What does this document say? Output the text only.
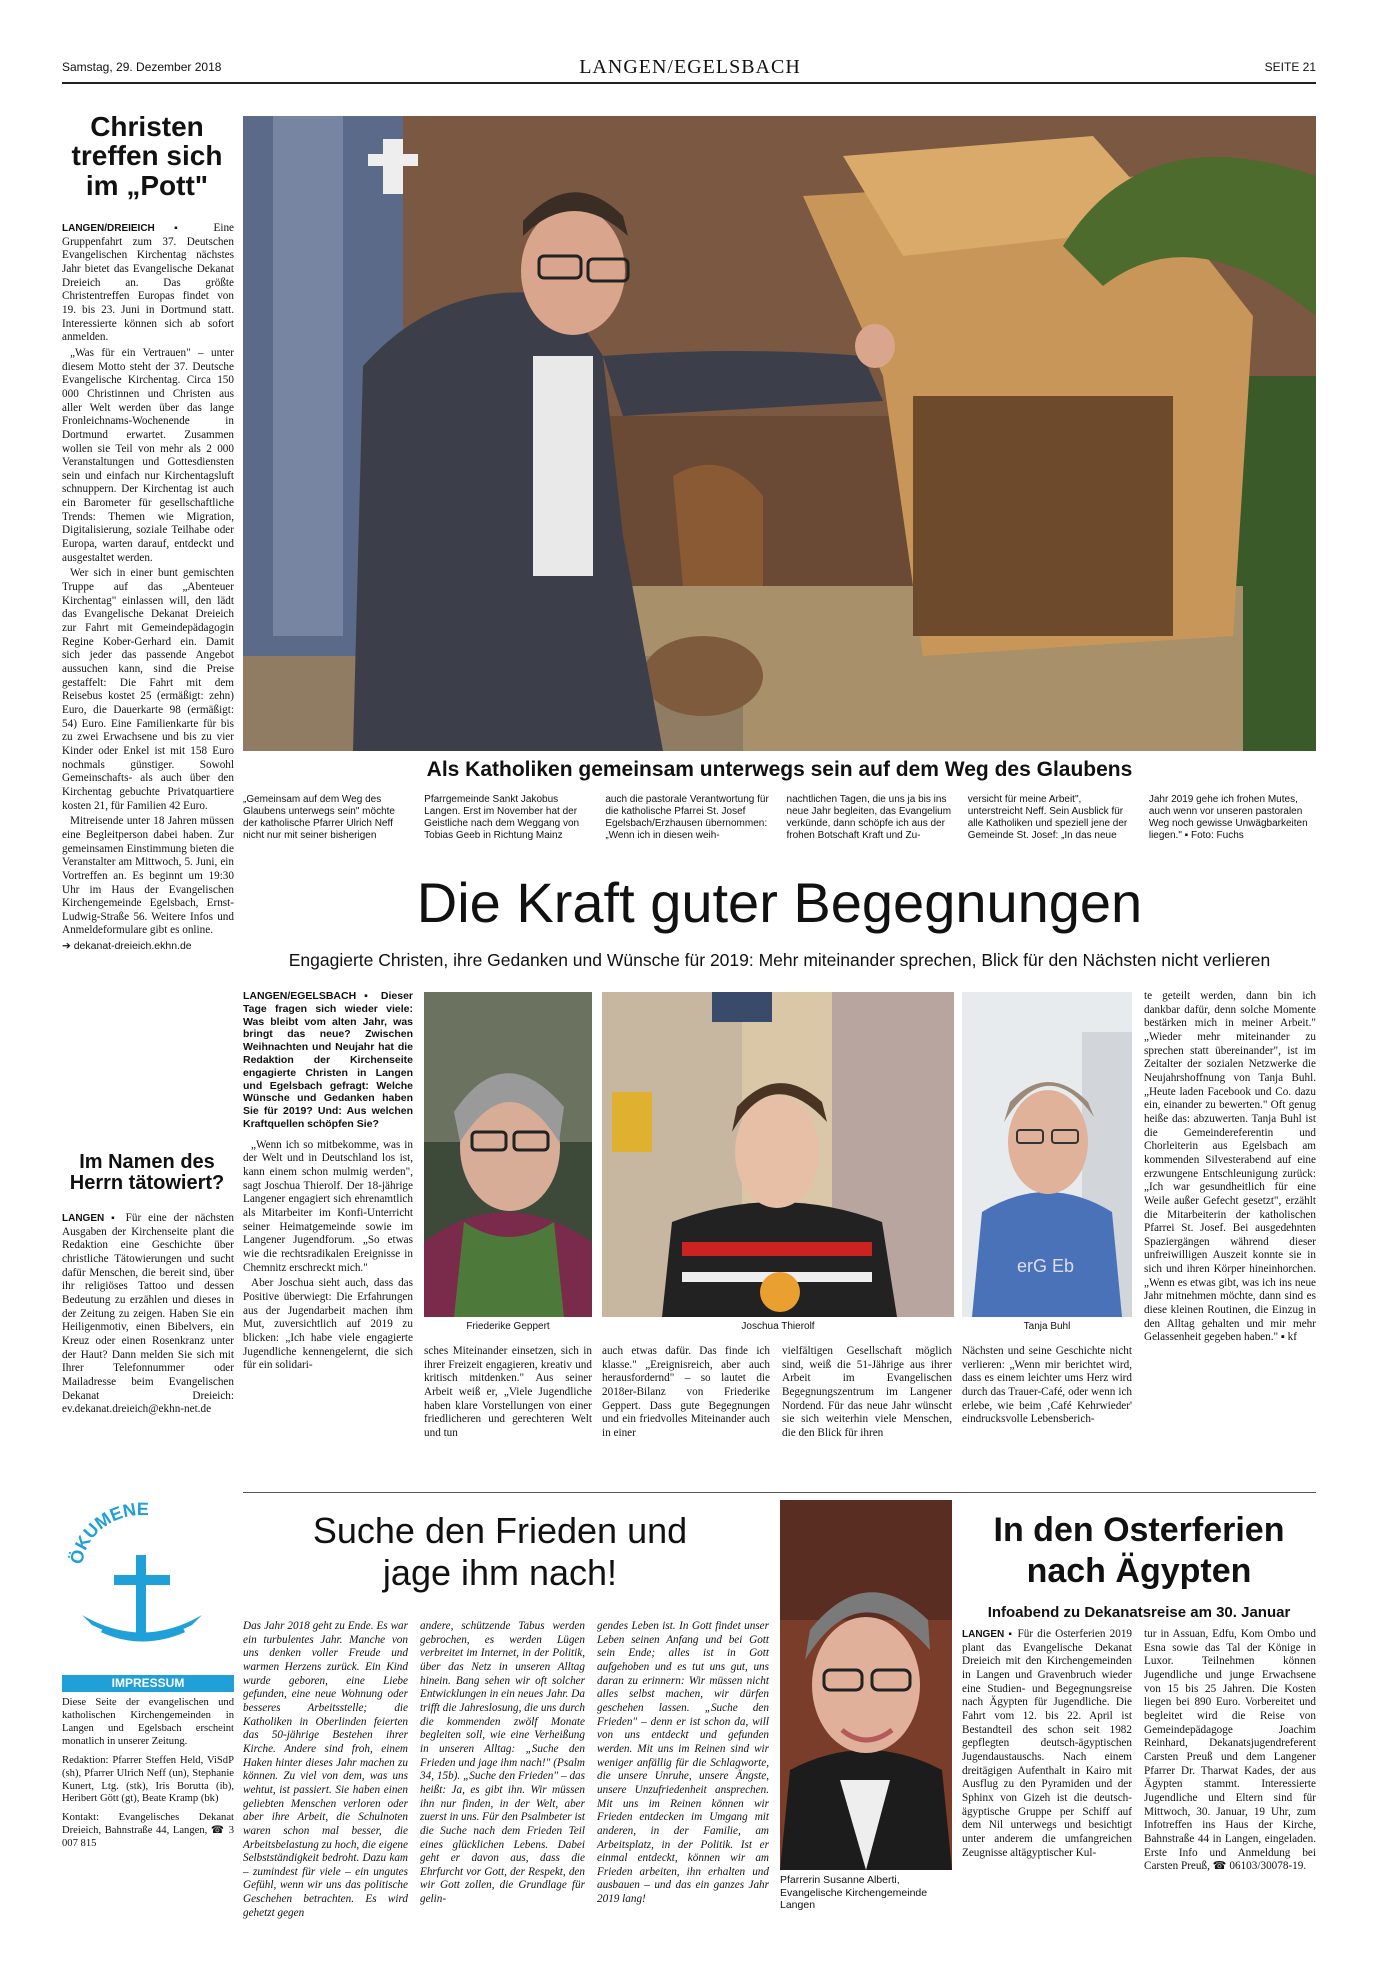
Samstag, 29. Dezember 2018	LANGEN/EGELSBACH	SEITE 21
Christen treffen sich im „Pott"

LANGEN/DREIEICH ▪ Eine Gruppenfahrt zum 37. Deutschen Evangelischen Kirchentag nächstes Jahr bietet das Evangelische Dekanat Dreieich an. Das größte Christentreffen Europas findet von 19. bis 23. Juni in Dortmund statt. Interessierte können sich ab sofort anmelden.

„Was für ein Vertrauen" – unter diesem Motto steht der 37. Deutsche Evangelische Kirchentag. Circa 150 000 Christinnen und Christen aus aller Welt werden über das lange Fronleichnams-Wochenende in Dortmund erwartet. Zusammen wollen sie Teil von mehr als 2 000 Veranstaltungen und Gottesdiensten sein und einfach nur Kirchentagsluft schnuppern. Der Kirchentag ist auch ein Barometer für gesellschaftliche Trends: Themen wie Migration, Digitalisierung, soziale Teilhabe oder Europa, warten darauf, entdeckt und ausgestaltet werden.

Wer sich in einer bunt gemischten Truppe auf das „Abenteuer Kirchentag" einlassen will, den lädt das Evangelische Dekanat Dreieich zur Fahrt mit Gemeindepädagogin Regine Kober-Gerhard ein. Damit sich jeder das passende Angebot aussuchen kann, sind die Preise gestaffelt: Die Fahrt mit dem Reisebus kostet 25 (ermäßigt: zehn) Euro, die Dauerkarte 98 (ermäßigt: 54) Euro. Eine Familienkarte für bis zu zwei Erwachsene und bis zu vier Kinder oder Enkel ist mit 158 Euro nochmals günstiger. Sowohl Gemeinschafts- als auch über den Kirchentag gebuchte Privatquartiere kosten 21, für Familien 42 Euro.

Mitreisende unter 18 Jahren müssen eine Begleitperson dabei haben. Zur gemeinsamen Einstimmung bieten die Veranstalter am Mittwoch, 5. Juni, ein Vortreffen an. Es beginnt um 19:30 Uhr im Haus der Evangelischen Kirchengemeinde Egelsbach, Ernst-Ludwig-Straße 56. Weitere Infos und Anmeldeformulare gibt es online.

➔ dekanat-dreieich.ekhn.de

Im Namen des Herrn tätowiert?

LANGEN ▪ Für eine der nächsten Ausgaben der Kirchenseite plant die Redaktion eine Geschichte über christliche Tätowierungen und sucht dafür Menschen, die bereit sind, über ihr religiöses Tattoo und dessen Bedeutung zu erzählen und dieses in der Zeitung zu zeigen. Haben Sie ein Heiligenmotiv, einen Bibelvers, ein Kreuz oder einen Rosenkranz unter der Haut? Dann melden Sie sich mit Ihrer Telefonnummer oder Mailadresse beim Evangelischen Dekanat Dreieich: ev.dekanat.dreieich@ekhn-net.de

Als Katholiken gemeinsam unterwegs sein auf dem Weg des Glaubens
„Gemeinsam auf dem Weg des Glaubens unterwegs sein" möchte der katholische Pfarrer Ulrich Neff nicht nur mit seiner bisherigen
Pfarrgemeinde Sankt Jakobus Langen. Erst im November hat der Geistliche nach dem Weggang von Tobias Geeb in Richtung Mainz
auch die pastorale Verantwortung für die katholische Pfarrei St. Josef Egelsbach/Erzhausen übernommen: „Wenn ich in diesen weih-
nachtlichen Tagen, die uns ja bis ins neue Jahr begleiten, das Evangelium verkünde, dann schöpfe ich aus der frohen Botschaft Kraft und Zu-
versicht für meine Arbeit", unterstreicht Neff. Sein Ausblick für alle Katholiken und speziell jene der Gemeinde St. Josef: „In das neue
Jahr 2019 gehe ich frohen Mutes, auch wenn vor unseren pastoralen Weg noch gewisse Unwägbarkeiten liegen." ▪ Foto: Fuchs
Die Kraft guter Begegnungen
Engagierte Christen, ihre Gedanken und Wünsche für 2019: Mehr miteinander sprechen, Blick für den Nächsten nicht verlieren
Friederike Geppert	Joschua Thierolf
erG Eb
Tanja Buhl

LANGEN/EGELSBACH ▪ Dieser Tage fragen sich wieder viele: Was bleibt vom alten Jahr, was bringt das neue? Zwischen Weihnachten und Neujahr hat die Redaktion der Kirchenseite engagierte Christen in Langen und Egelsbach gefragt: Welche Wünsche und Gedanken haben Sie für 2019? Und: Aus welchen Kraftquellen schöpfen Sie?

„Wenn ich so mitbekomme, was in der Welt und in Deutschland los ist, kann einem schon mulmig werden", sagt Joschua Thierolf. Der 18-jährige Langener engagiert sich ehrenamtlich als Mitarbeiter im Konfi-Unterricht seiner Heimatgemeinde sowie im Langener Jugendforum. „So etwas wie die rechtsradikalen Ereignisse in Chemnitz erschreckt mich."

Aber Joschua sieht auch, dass das Positive überwiegt: Die Erfahrungen aus der Jugendarbeit machen ihm Mut, zuversichtlich auf 2019 zu blicken: „Ich habe viele engagierte Jugendliche kennengelernt, die sich für ein solidari-

te geteilt werden, dann bin ich dankbar dafür, denn solche Momente bestärken mich in meiner Arbeit." „Wieder mehr miteinander zu sprechen statt übereinander", ist im Zeitalter der sozialen Netzwerke die Neujahrshoffnung von Tanja Buhl. „Heute laden Facebook und Co. dazu ein, einander zu bewerten." Oft genug heiße das: abzuwerten. Tanja Buhl ist die Gemeindereferentin und Chorleiterin aus Egelsbach am kommenden Silvesterabend auf eine erzwungene Entschleunigung zurück: „Ich war gesundheitlich für eine Weile außer Gefecht gesetzt", erzählt die Mitarbeiterin der katholischen Pfarrei St. Josef. Bei ausgedehnten Spaziergängen während dieser unfreiwilligen Auszeit konnte sie in sich und ihren Körper hineinhorchen. „Wenn es etwas gibt, was ich ins neue Jahr mitnehmen möchte, dann sind es diese kleinen Routinen, die Einzug in den Alltag gehalten und mir mehr Gelassenheit gegeben haben." ▪ kf

sches Miteinander einsetzen, sich in ihrer Freizeit engagieren, kreativ und kritisch mitdenken." Aus seiner Arbeit weiß er, „Viele Jugendliche haben klare Vorstellungen von einer friedlicheren und gerechteren Welt und tun

auch etwas dafür. Das finde ich klasse." „Ereignisreich, aber auch herausfordernd" – so lautet die 2018er-Bilanz von Friederike Geppert. Dass gute Begegnungen und ein friedvolles Miteinander auch in einer

vielfältigen Gesellschaft möglich sind, weiß die 51-Jährige aus ihrer Arbeit im Evangelischen Begegnungszentrum im Langener Nordend. Für das neue Jahr wünscht sie sich weiterhin viele Menschen, die den Blick für ihren

Nächsten und seine Geschichte nicht verlieren: „Wenn mir berichtet wird, dass es einem leichter ums Herz wird durch das Trauer-Café, oder wenn ich erlebe, wie beim ‚Café Kehrwieder' eindrucksvolle Lebensberich-

ÖKUMENE
IMPRESSUM

Diese Seite der evangelischen und katholischen Kirchengemeinden in Langen und Egelsbach erscheint monatlich in unserer Zeitung.

Redaktion: Pfarrer Steffen Held, ViSdP (sh), Pfarrer Ulrich Neff (un), Stephanie Kunert, Ltg. (stk), Iris Borutta (ib), Heribert Gött (gt), Beate Kramp (bk)

Kontakt: Evangelisches Dekanat Dreieich, Bahnstraße 44, Langen, ☎ 3 007 815

Suche den Frieden und jage ihm nach!

Das Jahr 2018 geht zu Ende. Es war ein turbulentes Jahr. Manche von uns denken voller Freude und warmen Herzens zurück. Ein Kind wurde geboren, eine Liebe gefunden, eine neue Wohnung oder besseres Arbeitsstelle; die Katholiken in Oberlinden feierten das 50-jährige Bestehen ihrer Kirche. Andere sind froh, einem Haken hinter dieses Jahr machen zu können. Zu viel von dem, was uns wehtut, ist passiert. Sie haben einen geliebten Menschen verloren oder aber ihre Arbeit, die Schulnoten waren schon mal besser, die Arbeitsbelastung zu hoch, die eigene Selbstständigkeit bedroht. Dazu kam – zumindest für viele – ein ungutes Gefühl, wenn wir uns das politische Geschehen betrachten. Es wird gehetzt gegen

andere, schützende Tabus werden gebrochen, es werden Lügen verbreitet im Internet, in der Politik, über das Netz in unseren Alltag hinein. Bang sehen wir oft solcher Entwicklungen in ein neues Jahr. Da trifft die Jahreslosung, die uns durch die kommenden zwölf Monate begleiten soll, wie eine Verheißung in unseren Alltag: „Suche den Frieden und jage ihm nach!" (Psalm 34, 15b). „Suche den Frieden" – das heißt: Ja, es gibt ihn. Wir müssen ihn nur finden, in der Welt, aber zuerst in uns. Für den Psalmbeter ist die Suche nach dem Frieden Teil eines glücklichen Lebens. Dabei geht er davon aus, dass die Ehrfurcht vor Gott, der Respekt, den wir Gott zollen, die Grundlage für gelin-

gendes Leben ist. In Gott findet unser Leben seinen Anfang und bei Gott sein Ende; alles ist in Gott aufgehoben und es tut uns gut, uns daran zu erinnern: Wir müssen nicht alles selbst machen, wir dürfen geschehen lassen. „Suche den Frieden" – denn er ist schon da, will von uns entdeckt und gefunden werden. Mit uns im Reinen sind wir weniger anfällig für die Schlagworte, die unsere Unruhe, unsere Ängste, unsere Unzufriedenheit ansprechen. Mit uns im Reinen können wir Frieden entdecken im Umgang mit anderen, in der Familie, am Arbeitsplatz, in der Politik. Ist er einmal entdeckt, können wir am Frieden arbeiten, ihn erhalten und ausbauen – und das ein ganzes Jahr 2019 lang!

Pfarrerin Susanne Alberti, Evangelische Kirchengemeinde Langen
In den Osterferien nach Ägypten
Infoabend zu Dekanatsreise am 30. Januar

LANGEN ▪ Für die Osterferien 2019 plant das Evangelische Dekanat Dreieich mit den Kirchengemeinden in Langen und Gravenbruch wieder eine Studien- und Begegnungsreise nach Ägypten für Jugendliche. Die Fahrt vom 12. bis 22. April ist Bestandteil des schon seit 1982 gepflegten deutsch-ägyptischen Jugendaustauschs. Nach einem dreitägigen Aufenthalt in Kairo mit Ausflug zu den Pyramiden und der Sphinx von Gizeh ist die deutsch-ägyptische Gruppe per Schiff auf dem Nil unterwegs und besichtigt unter anderem die umfangreichen Zeugnisse altägyptischer Kul-

tur in Assuan, Edfu, Kom Ombo und Esna sowie das Tal der Könige in Luxor. Teilnehmen können Jugendliche und junge Erwachsene von 15 bis 25 Jahren. Die Kosten liegen bei 890 Euro. Vorbereitet und begleitet wird die Reise von Gemeindepädagoge Joachim Reinhard, Dekanatsjugendreferent Carsten Preuß und dem Langener Pfarrer Dr. Tharwat Kades, der aus Ägypten stammt. Interessierte Jugendliche und Eltern sind für Mittwoch, 30. Januar, 19 Uhr, zum Infotreffen ins Haus der Kirche, Bahnstraße 44 in Langen, eingeladen. Erste Info und Anmeldung bei Carsten Preuß, ☎ 06103/30078-19.
